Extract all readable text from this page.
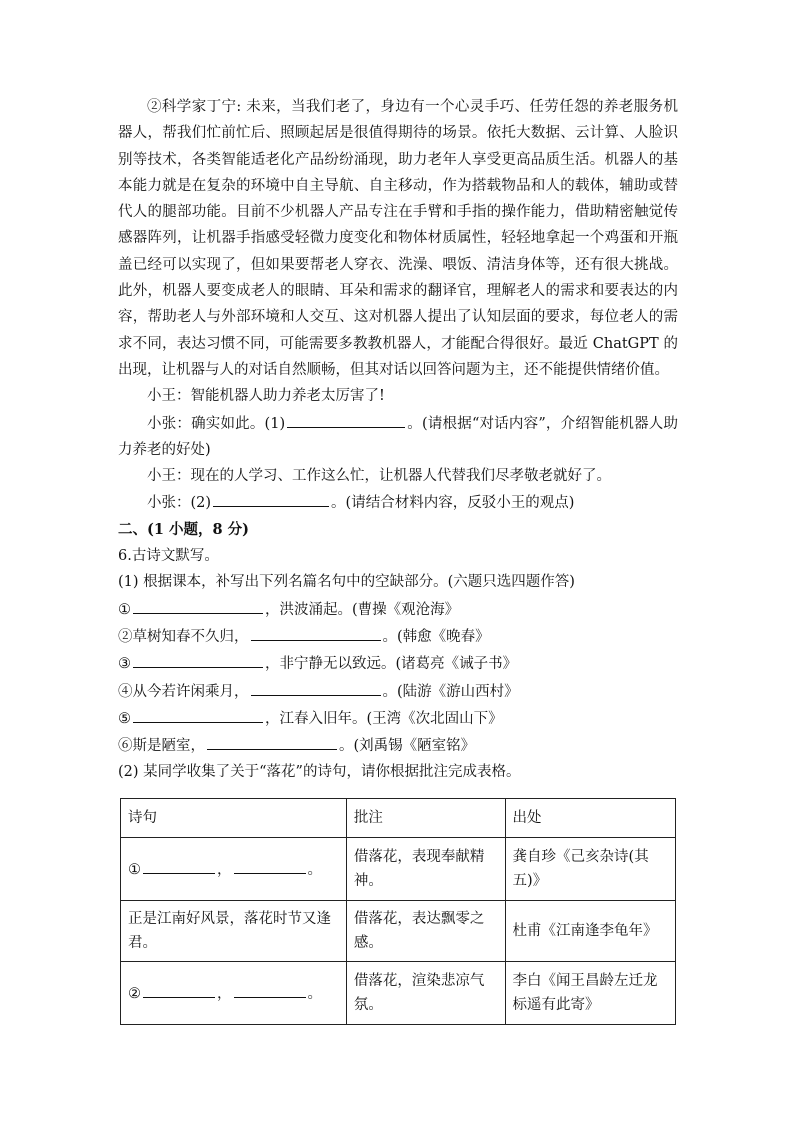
②科学家丁宁: 未来，当我们老了，身边有一个心灵手巧、任劳任怨的养老服务机器人，帮我们忙前忙后、照顾起居是很值得期待的场景。依托大数据、云计算、人脸识别等技术，各类智能适老化产品纷纷涌现，助力老年人享受更高品质生活。机器人的基本能力就是在复杂的环境中自主导航、自主移动，作为搭载物品和人的载体，辅助或替代人的腿部功能。目前不少机器人产品专注在手臂和手指的操作能力，借助精密触觉传感器阵列，让机器手指感受轻微力度变化和物体材质属性，轻轻地拿起一个鸡蛋和开瓶盖已经可以实现了，但如果要帮老人穿衣、洗澡、喂饭、清洁身体等，还有很大挑战。此外，机器人要变成老人的眼睛、耳朵和需求的翻译官，理解老人的需求和要表达的内容，帮助老人与外部环境和人交互、这对机器人提出了认知层面的要求，每位老人的需求不同，表达习惯不同，可能需要多教教机器人，才能配合得很好。最近 ChatGPT 的出现，让机器与人的对话自然顺畅，但其对话以回答问题为主，还不能提供情绪价值。

小王：智能机器人助力养老太厉害了!

小张：确实如此。(1)	。(请根据“对话内容”，介绍智能机器人助力养老的好处)

小王：现在的人学习、工作这么忙，让机器人代替我们尽孝敬老就好了。

小张：(2)	。(请结合材料内容，反驳小王的观点)

二、(1 小题，8 分)

6.古诗文默写。

(1) 根据课本，补写出下列名篇名句中的空缺部分。(六题只选四题作答)

①	，洪波涌起。(曹操《观沧海》

②草树知春不久归，	。(韩愈《晚春》

③	，非宁静无以致远。(诸葛亮《诫子书》

④从今若许闲乘月，	。(陆游《游山西村》

⑤	，江春入旧年。(王湾《次北固山下》

⑥斯是陋室，	。(刘禹锡《陋室铭》

(2) 某同学收集了关于“落花”的诗句，请你根据批注完成表格。

诗句	批注	出处
① ， 。	借落花，表现奉献精神。	龚自珍《己亥杂诗(其五)》
正是江南好风景，落花时节又逢君。	借落花，表达飘零之感。	杜甫《江南逢李龟年》
② ， 。	借落花，渲染悲凉气氛。	李白《闻王昌龄左迁龙标遥有此寄》
